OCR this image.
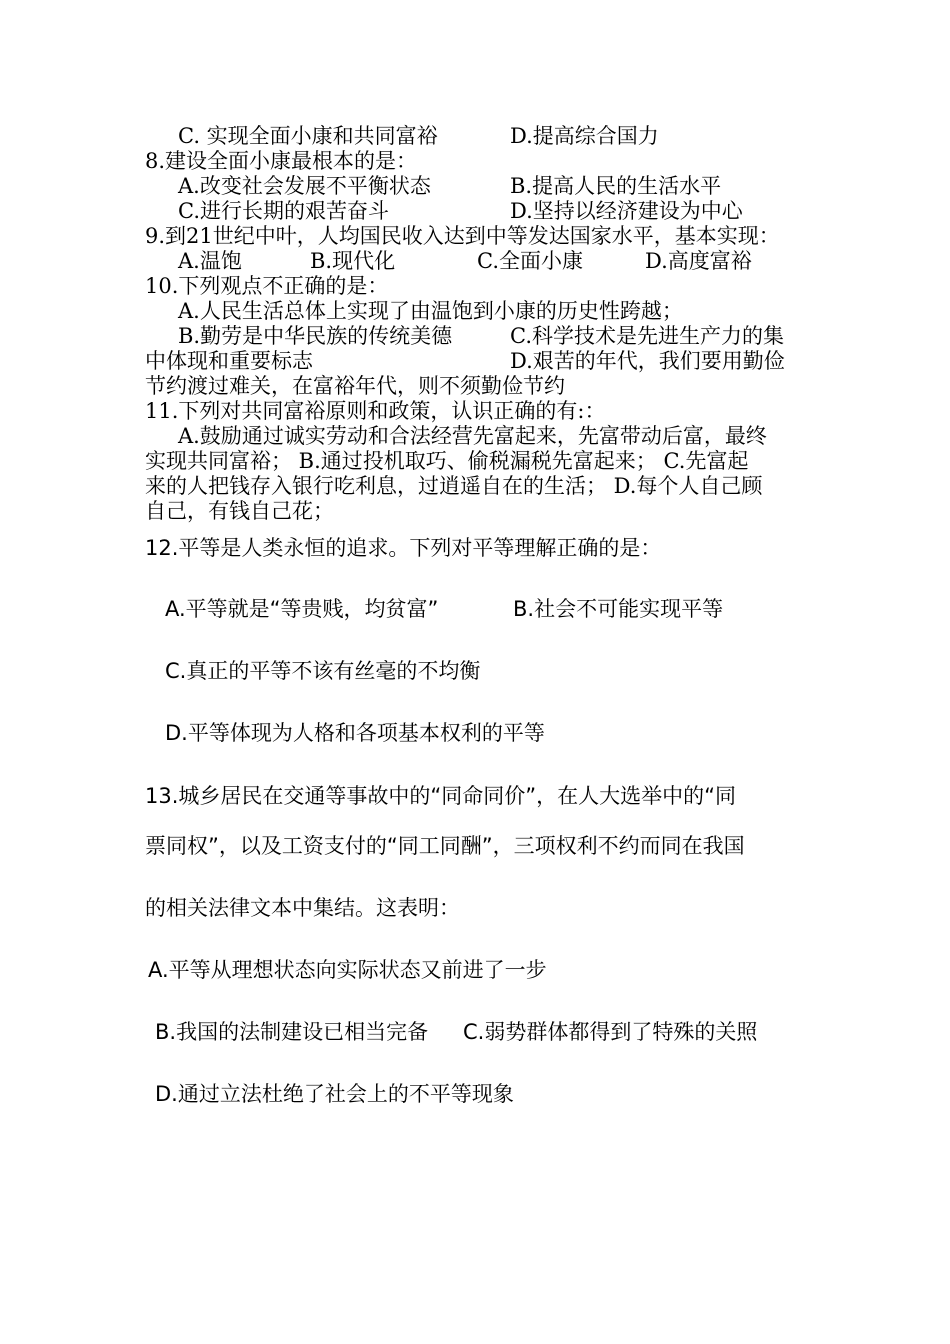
C. 实现全面小康和共同富裕	D.提高综合国力
8.建设全面小康最根本的是：
A.改变社会发展不平衡状态	B.提高人民的生活水平
C.进行长期的艰苦奋斗	D.坚持以经济建设为中心
9.到21世纪中叶，人均国民收入达到中等发达国家水平，基本实现：
A.温饱	B.现代化	C.全面小康	D.高度富裕
10.下列观点不正确的是：
A.人民生活总体上实现了由温饱到小康的历史性跨越；
B.勤劳是中华民族的传统美德	C.科学技术是先进生产力的集
中体现和重要标志	D.艰苦的年代，我们要用勤俭
节约渡过难关，在富裕年代，则不须勤俭节约
11.下列对共同富裕原则和政策，认识正确的有:：
A.鼓励通过诚实劳动和合法经营先富起来，先富带动后富，最终
实现共同富裕； B.通过投机取巧、偷税漏税先富起来； C.先富起
来的人把钱存入银行吃利息，过逍遥自在的生活； D.每个人自己顾
自己，有钱自己花；
12.平等是人类永恒的追求。下列对平等理解正确的是：
A.平等就是“等贵贱，均贫富”	B.社会不可能实现平等
C.真正的平等不该有丝毫的不均衡
D.平等体现为人格和各项基本权利的平等
13.城乡居民在交通等事故中的“同命同价”，在人大选举中的“同
票同权”，以及工资支付的“同工同酬”，三项权利不约而同在我国
的相关法律文本中集结。这表明：
A.平等从理想状态向实际状态又前进了一步
B.我国的法制建设已相当完备 C.弱势群体都得到了特殊的关照
D.通过立法杜绝了社会上的不平等现象
